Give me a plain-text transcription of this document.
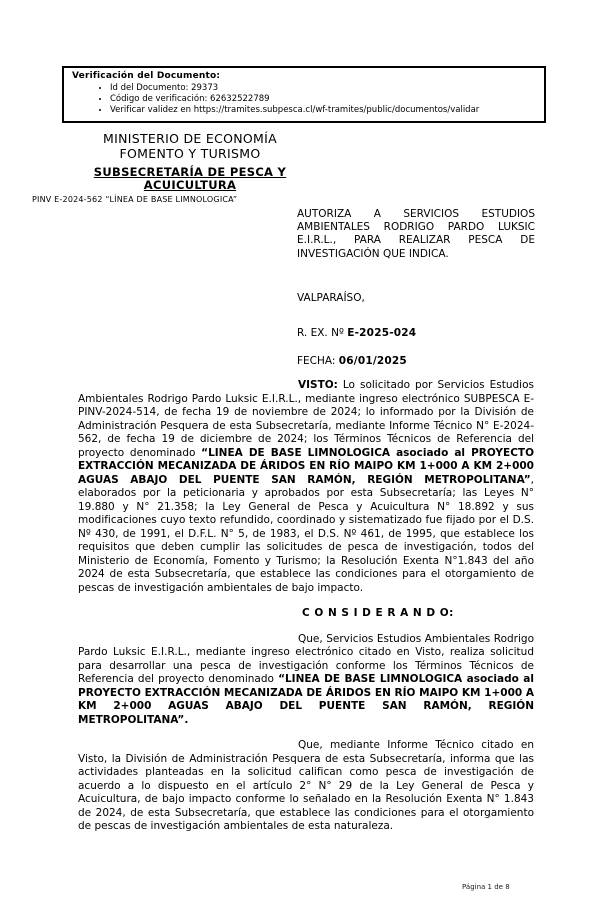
Verificación del Documento:
• Id del Documento: 29373
• Código de verificación: 62632522789
• Verificar validez en https://tramites.subpesca.cl/wf-tramites/public/documentos/validar
MINISTERIO DE ECONOMÍA
FOMENTO Y TURISMO
SUBSECRETARÍA DE PESCA Y
ACUICULTURA
PINV E-2024-562 “LÍNEA DE BASE LIMNOLOGICA”
AUTORIZA A SERVICIOS ESTUDIOS AMBIENTALES RODRIGO PARDO LUKSIC E.I.R.L., PARA REALIZAR PESCA DE INVESTIGACIÓN QUE INDICA.
VALPARAÍSO,
R. EX. Nº E-2025-024
FECHA: 06/01/2025

VISTO: Lo solicitado por Servicios Estudios Ambientales Rodrigo Pardo Luksic E.I.R.L., mediante ingreso electrónico SUBPESCA E-PINV-2024-514, de fecha 19 de noviembre de 2024; lo informado por la División de Administración Pesquera de esta Subsecretaría, mediante Informe Técnico N° E-2024-562, de fecha 19 de diciembre de 2024; los Términos Técnicos de Referencia del proyecto denominado “LINEA DE BASE LIMNOLOGICA asociado al PROYECTO EXTRACCIÓN MECANIZADA DE ÁRIDOS EN RÍO MAIPO KM 1+000 A KM 2+000 AGUAS ABAJO DEL PUENTE SAN RAMÓN, REGIÓN METROPOLITANA”, elaborados por la peticionaria y aprobados por esta Subsecretaría; las Leyes N° 19.880 y N° 21.358; la Ley General de Pesca y Acuicultura N° 18.892 y sus modificaciones cuyo texto refundido, coordinado y sistematizado fue fijado por el D.S. Nº 430, de 1991, el D.F.L. N° 5, de 1983, el D.S. Nº 461, de 1995, que establece los requisitos que deben cumplir las solicitudes de pesca de investigación, todos del Ministerio de Economía, Fomento y Turismo; la Resolución Exenta N°1.843 del año 2024 de esta Subsecretaría, que establece las condiciones para el otorgamiento de pescas de investigación ambientales de bajo impacto.

C O N S I D E R A N D O:

Que, Servicios Estudios Ambientales Rodrigo Pardo Luksic E.I.R.L., mediante ingreso electrónico citado en Visto, realiza solicitud para desarrollar una pesca de investigación conforme los Términos Técnicos de Referencia del proyecto denominado “LINEA DE BASE LIMNOLOGICA asociado al PROYECTO EXTRACCIÓN MECANIZADA DE ÁRIDOS EN RÍO MAIPO KM 1+000 A KM 2+000 AGUAS ABAJO DEL PUENTE SAN RAMÓN, REGIÓN METROPOLITANA”.

Que, mediante Informe Técnico citado en Visto, la División de Administración Pesquera de esta Subsecretaría, informa que las actividades planteadas en la solicitud califican como pesca de investigación de acuerdo a lo dispuesto en el artículo 2° N° 29 de la Ley General de Pesca y Acuicultura, de bajo impacto conforme lo señalado en la Resolución Exenta N° 1.843 de 2024, de esta Subsecretaría, que establece las condiciones para el otorgamiento de pescas de investigación ambientales de esta naturaleza.

Página 1 de 8
